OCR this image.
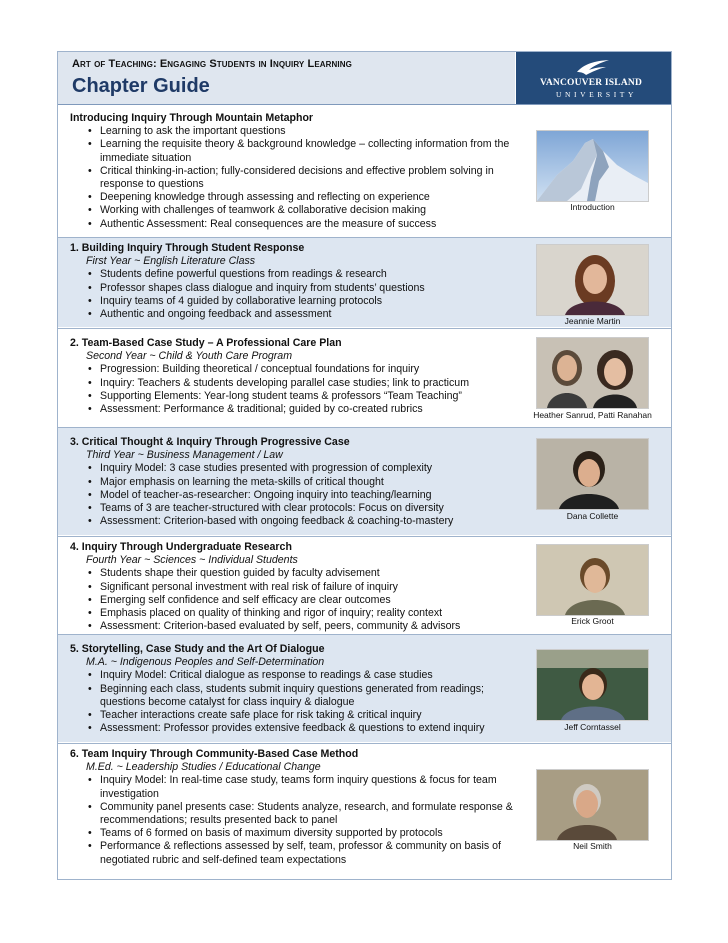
Art of Teaching: Engaging Students in Inquiry Learning
Chapter Guide	VANCOUVER ISLAND
UNIVERSITY
Introducing Inquiry Through Mountain Metaphor
• Learning to ask the important questions
• Learning the requisite theory & background knowledge – collecting information from the immediate situation
• Critical thinking-in-action; fully-considered decisions and effective problem solving in response to questions
• Deepening knowledge through assessing and reflecting on experience
• Working with challenges of teamwork & collaborative decision making
• Authentic Assessment: Real consequences are the measure of success
Introduction
1. Building Inquiry Through Student Response
First Year ~ English Literature Class
• Students define powerful questions from readings & research
• Professor shapes class dialogue and inquiry from students’ questions
• Inquiry teams of 4 guided by collaborative learning protocols
• Authentic and ongoing feedback and assessment
Jeannie Martin
2. Team-Based Case Study – A Professional Care Plan
Second Year ~ Child & Youth Care Program
• Progression: Building theoretical / conceptual foundations for inquiry
• Inquiry: Teachers & students developing parallel case studies; link to practicum
• Supporting Elements: Year-long student teams & professors “Team Teaching”
• Assessment: Performance & traditional; guided by co-created rubrics	Heather Sanrud, Patti Ranahan
3. Critical Thought & Inquiry Through Progressive Case
Third Year ~ Business Management / Law
• Inquiry Model: 3 case studies presented with progression of complexity
• Major emphasis on learning the meta-skills of critical thought
• Model of teacher-as-researcher: Ongoing inquiry into teaching/learning
• Teams of 3 are teacher-structured with clear protocols: Focus on diversity
• Assessment: Criterion-based with ongoing feedback & coaching-to-mastery	Dana Collette
4. Inquiry Through Undergraduate Research
Fourth Year ~ Sciences ~ Individual Students
• Students shape their question guided by faculty advisement
• Significant personal investment with real risk of failure of inquiry
• Emerging self confidence and self efficacy are clear outcomes
• Emphasis placed on quality of thinking and rigor of inquiry; reality context
• Assessment: Criterion-based evaluated by self, peers, community & advisors	Erick Groot
5. Storytelling, Case Study and the Art Of Dialogue
M.A. ~ Indigenous Peoples and Self-Determination
• Inquiry Model: Critical dialogue as response to readings & case studies
• Beginning each class, students submit inquiry questions generated from readings; questions become catalyst for class inquiry & dialogue
• Teacher interactions create safe place for risk taking & critical inquiry
• Assessment: Professor provides extensive feedback & questions to extend inquiry	Jeff Corntassel
6. Team Inquiry Through Community-Based Case Method
M.Ed. ~ Leadership Studies / Educational Change
• Inquiry Model: In real-time case study, teams form inquiry questions & focus for team investigation
• Community panel presents case: Students analyze, research, and formulate response & recommendations; results presented back to panel
• Teams of 6 formed on basis of maximum diversity supported by protocols
• Performance & reflections assessed by self, team, professor & community on basis of negotiated rubric and self-defined team expectations
Neil Smith
